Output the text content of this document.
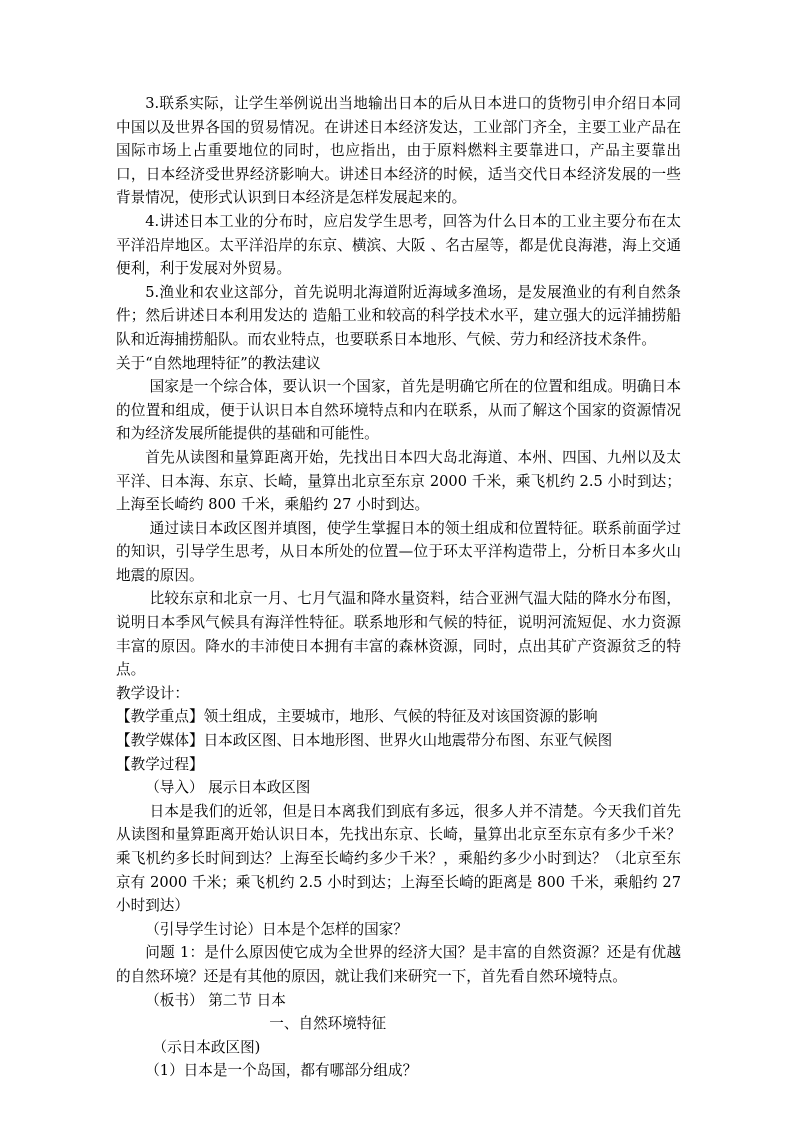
3.联系实际，让学生举例说出当地输出日本的后从日本进口的货物引申介绍日本同中国以及世界各国的贸易情况。在讲述日本经济发达，工业部门齐全，主要工业产品在国际市场上占重要地位的同时，也应指出，由于原料燃料主要靠进口，产品主要靠出口，日本经济受世界经济影响大。讲述日本经济的时候，适当交代日本经济发展的一些背景情况，使形式认识到日本经济是怎样发展起来的。

4.讲述日本工业的分布时，应启发学生思考，回答为什么日本的工业主要分布在太平洋沿岸地区。太平洋沿岸的东京、横滨、大阪 、名古屋等，都是优良海港，海上交通便利，利于发展对外贸易。

5.渔业和农业这部分，首先说明北海道附近海域多渔场，是发展渔业的有利自然条件；然后讲述日本利用发达的 造船工业和较高的科学技术水平，建立强大的远洋捕捞船队和近海捕捞船队。而农业特点，也要联系日本地形、气候、劳力和经济技术条件。

关于“自然地理特征”的教法建议

国家是一个综合体，要认识一个国家，首先是明确它所在的位置和组成。明确日本的位置和组成，便于认识日本自然环境特点和内在联系，从而了解这个国家的资源情况和为经济发展所能提供的基础和可能性。

首先从读图和量算距离开始，先找出日本四大岛北海道、本州、四国、九州以及太平洋、日本海、东京、长崎，量算出北京至东京 2000 千米，乘飞机约 2.5 小时到达；上海至长崎约 800 千米，乘船约 27 小时到达。

通过读日本政区图并填图，使学生掌握日本的领土组成和位置特征。联系前面学过的知识，引导学生思考，从日本所处的位置—位于环太平洋构造带上，分析日本多火山地震的原因。

比较东京和北京一月、七月气温和降水量资料，结合亚洲气温大陆的降水分布图，说明日本季风气候具有海洋性特征。联系地形和气候的特征，说明河流短促、水力资源丰富的原因。降水的丰沛使日本拥有丰富的森林资源，同时，点出其矿产资源贫乏的特点。

教学设计：

【教学重点】领土组成，主要城市，地形、气候的特征及对该国资源的影响

【教学媒体】日本政区图、日本地形图、世界火山地震带分布图、东亚气候图

【教学过程】

（导入） 展示日本政区图

日本是我们的近邻，但是日本离我们到底有多远，很多人并不清楚。今天我们首先从读图和量算距离开始认识日本，先找出东京、长崎，量算出北京至东京有多少千米？乘飞机约多长时间到达？上海至长崎约多少千米？，乘船约多少小时到达？（北京至东京有 2000 千米；乘飞机约 2.5 小时到达；上海至长崎的距离是 800 千米，乘船约 27 小时到达）

（引导学生讨论）日本是个怎样的国家？

问题 1：是什么原因使它成为全世界的经济大国？是丰富的自然资源？还是有优越的自然环境？还是有其他的原因，就让我们来研究一下，首先看自然环境特点。

（板书） 第二节 日本

一、自然环境特征

（示日本政区图)

（1）日本是一个岛国，都有哪部分组成？
